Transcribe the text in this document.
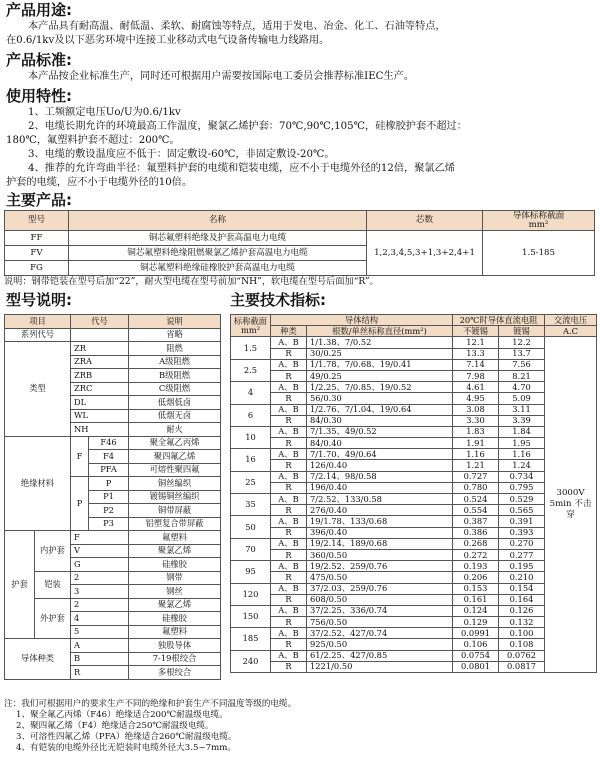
产品用途:
本产品具有耐高温、耐低温、柔软、耐腐蚀等特点，适用于发电、冶金、化工、石油等特点，
在0.6/1kv及以下恶劣环境中连接工业移动式电气设备传输电力线路用。
产品标准:
本产品按企业标准生产，同时还可根据用户需要按国际电工委员会推荐标准IEC生产。
使用特性:
1、工频额定电压Uo/U为0.6/1kv
2、电缆长期允许的环境最高工作温度，聚氯乙烯护套：70℃,90℃,105℃，硅橡胶护套不超过：
180℃，氟塑料护套不超过：200℃。
3、电缆的敷设温度应不低于：固定敷设-60℃，非固定敷设-20℃。
4、推荐的允许弯曲半径：氟塑料护套的电缆和铠装电缆，应不小于电缆外径的12倍，聚氯乙烯
护套的电缆，应不小于电缆外径的10倍。
主要产品:
型号	名称	芯数	导体标称截面
mm²

FF	铜芯氟塑料绝缘及护套高温电力电缆	1,2,3,4,5,3+1,3+2,4+1	1.5-185
FV	铜芯氟塑料绝缘阻燃聚氯乙烯护套高温电力电缆		
FG	铜芯氟塑料绝缘硅橡胶护套高温电力电缆		
说明：钢带铠装在型号后加“22”，耐火型电缆在型号前加“NH”，软电缆在型号后面加“R”。
型号说明:	主要技术指标:
项目		代号		说明
系列代号				省略
类型		ZR		阻燃
		ZRA		A级阻燃
		ZRB		B级阻燃
		ZRC		C级阻燃
		DL		低烟低卤
		WL		低烟无卤
		NH		耐火
绝缘材料		F	F46	聚全氟乙丙烯
			F4	聚四氟乙烯
			PFA	可熔性聚四氟
		P	P	铜丝编织
			P1	镀锡铜丝编织
			P2	铜带屏蔽
			P3	铝塑复合带屏蔽
护套	内护套	F		氟塑料
		V		聚氯乙烯
		G		硅橡胶
	铠装	2		钢带
		3		钢丝
	外护套	2		聚氯乙烯
		4		硅橡胶
		5		氟塑料
导体种类		A		独股导体
		B		7-19根绞合
		R		多根绞合
标称截面
mm²	导体结构		20℃时导体直流电阻		交流电压
	种类	根数/单丝标称直径(mm²)	不镀锡	镀锡	A.C
1.5	A、B	1/1.38、7/0.52	12.1	12.2	3000V 5min 不击穿
	R	30/0.25	13.3	13.7	
2.5	A、B	1/1.78、7/0.68、19/0.41	7.14	7.56	
	R	49/0.25	7.98	8.21	
4	A、B	1/2.25、7/0.85、19/0.52	4.61	4.70	
	R	56/0.30	4.95	5.09	
6	A、B	1/2.76、7/1.04、19/0.64	3.08	3.11	
	R	84/0.30	3.30	3.39	
10	A、B	7/1.35、49/0.52	1.83	1.84	
	R	84/0.40	1.91	1.95	
16	A、B	7/1.70、49/0.64	1.16	1.16	
	R	126/0.40	1.21	1.24	
25	A、B	7/2.14、98/0.58	0.727	0.734	
	R	196/0.40	0.780	0.795	
35	A、B	7/2.52、133/0.58	0.524	0.529	
	R	276/0.40	0.554	0.565	
50	A、B	19/1.78、133/0.68	0.387	0.391	
	R	396/0.40	0.386	0.393	
70	A、B	19/2.14、189/0.68	0.268	0.270	
	R	360/0.50	0.272	0.277	
95	A、B	19/2.52、259/0.76	0.193	0.195	
	R	475/0.50	0.206	0.210	
120	A、B	37/2.03、259/0.76	0.153	0.154	
	R	608/0.50	0.161	0.164	
150	A、B	37/2.25、336/0.74	0.124	0.126	
	R	756/0.50	0.129	0.132	
185	A、B	37/2.52、427/0.74	0.0991	0.100	
	R	925/0.50	0.106	0.108	
240	A、B	61/2.25、427/0.85	0.0754	0.0762	
	R	1221/0.50	0.0801	0.0817	
注：我们可根据用户的要求生产不同的绝缘和护套生产不同温度等级的电缆。
1、聚全氟乙丙烯（F46）绝缘适合200℃耐温级电缆。
2、聚四氟乙烯（F4）绝缘适合250℃耐温级电缆。
3、可溶性四氟乙烯（PFA）绝缘适合260℃耐温级电缆。
4、有铠装的电缆外径比无铠装时电缆外径大3.5~7mm。
